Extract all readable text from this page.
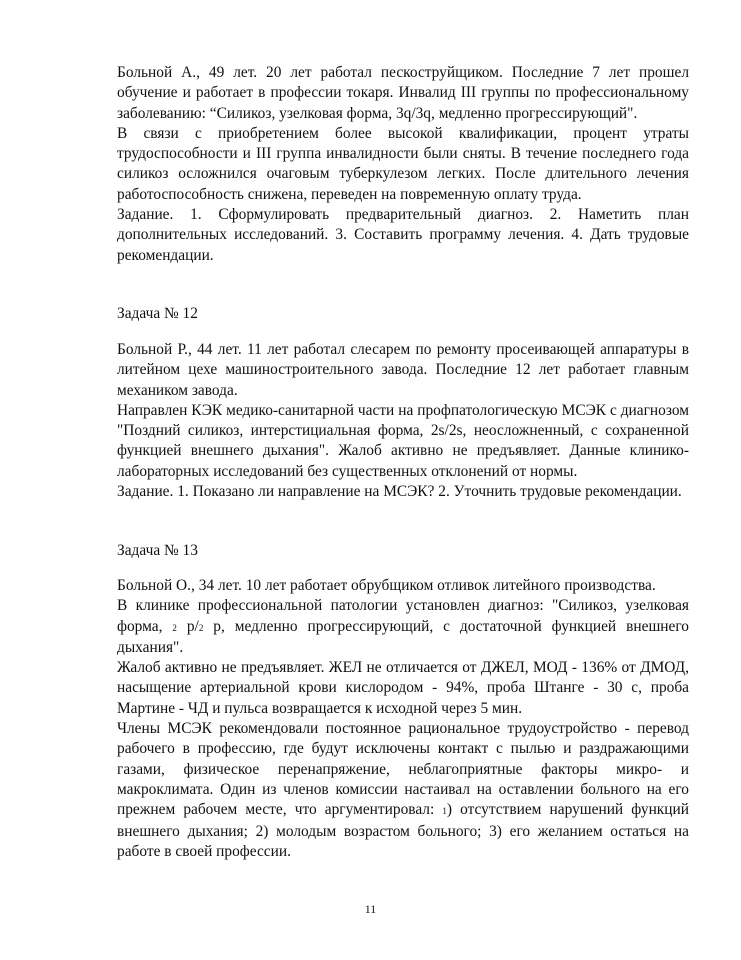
Больной А., 49 лет. 20 лет работал пескоструйщиком. Последние 7 лет прошел обучение и работает в профессии токаря. Инвалид III группы по профессиональному заболеванию: “Силикоз, узелковая форма, 3q/3q, медленно прогрессирующий".

В связи с приобретением более высокой квалификации, процент утраты трудоспособности и III группа инвалидности были сняты. В течение последнего года силикоз осложнился очаговым туберкулезом легких. После длительного лечения работоспособность снижена, переведен на повременную оплату труда.

Задание. 1. Сформулировать предварительный диагноз. 2. Наметить план дополнительных исследований. 3. Составить программу лечения. 4. Дать трудовые рекомендации.

Задача № 12

Больной Р., 44 лет. 11 лет работал слесарем по ремонту просеивающей аппаратуры в литейном цехе машиностроительного завода. Последние 12 лет работает главным механиком завода.

Направлен КЭК медико-санитарной части на профпатологическую МСЭК с диагнозом "Поздний силикоз, интерстициальная форма, 2s/2s, неосложненный, с сохраненной функцией внешнего дыхания". Жалоб активно не предъявляет. Данные клинико-лабораторных исследований без существенных отклонений от нормы.

Задание. 1. Показано ли направление на МСЭК? 2. Уточнить трудовые рекомендации.

Задача № 13

Больной О., 34 лет. 10 лет работает обрубщиком отливок литейного производства.

В клинике профессиональной патологии установлен диагноз: "Силикоз, узелковая форма, 2 p/2 p, медленно прогрессирующий, с достаточной функцией внешнего дыхания".

Жалоб активно не предъявляет. ЖЕЛ не отличается от ДЖЕЛ, МОД - 136% от ДМОД, насыщение артериальной крови кислородом - 94%, проба Штанге - 30 с, проба Мартине - ЧД и пульса возвращается к исходной через 5 мин.

Члены МСЭК рекомендовали постоянное рациональное трудоустройство - перевод рабочего в профессию, где будут исключены контакт с пылью и раздражающими газами, физическое перенапряжение, неблагоприятные факторы микро- и макроклимата. Один из членов комиссии настаивал на оставлении больного на его прежнем рабочем месте, что аргументировал: 1) отсутствием нарушений функций внешнего дыхания; 2) молодым возрастом больного; 3) его желанием остаться на работе в своей профессии.

11
